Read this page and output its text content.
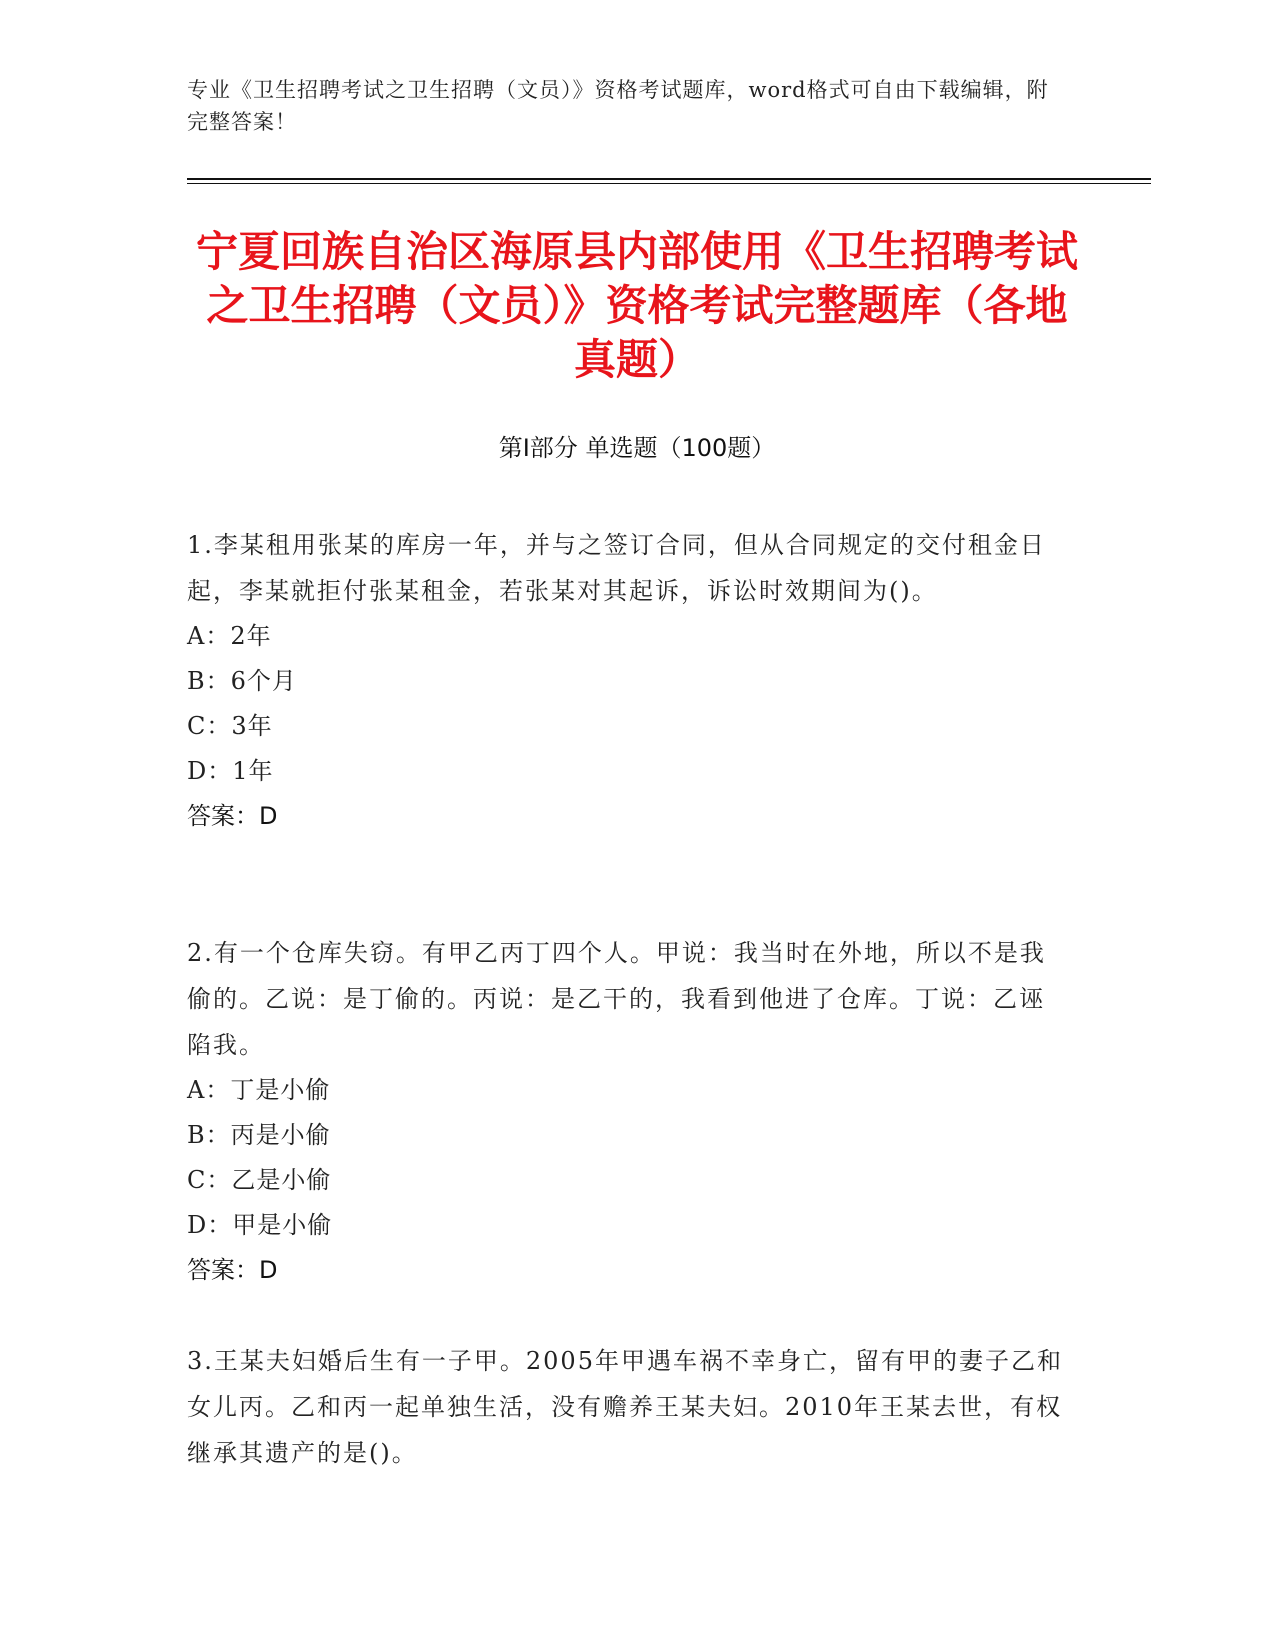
专业《卫生招聘考试之卫生招聘（文员）》资格考试题库，word格式可自由下载编辑，附完整答案！
宁夏回族自治区海原县内部使用《卫生招聘考试之卫生招聘（文员）》资格考试完整题库（各地真题）
第I部分 单选题（100题）
1.李某租用张某的库房一年，并与之签订合同，但从合同规定的交付租金日起，李某就拒付张某租金，若张某对其起诉，诉讼时效期间为()。
A：2年
B：6个月
C：3年
D：1年
答案：D
2.有一个仓库失窃。有甲乙丙丁四个人。甲说：我当时在外地，所以不是我偷的。乙说：是丁偷的。丙说：是乙干的，我看到他进了仓库。丁说：乙诬陷我。
A：丁是小偷
B：丙是小偷
C：乙是小偷
D：甲是小偷
答案：D
3.王某夫妇婚后生有一子甲。2005年甲遇车祸不幸身亡，留有甲的妻子乙和女儿丙。乙和丙一起单独生活，没有赡养王某夫妇。2010年王某去世，有权继承其遗产的是()。
